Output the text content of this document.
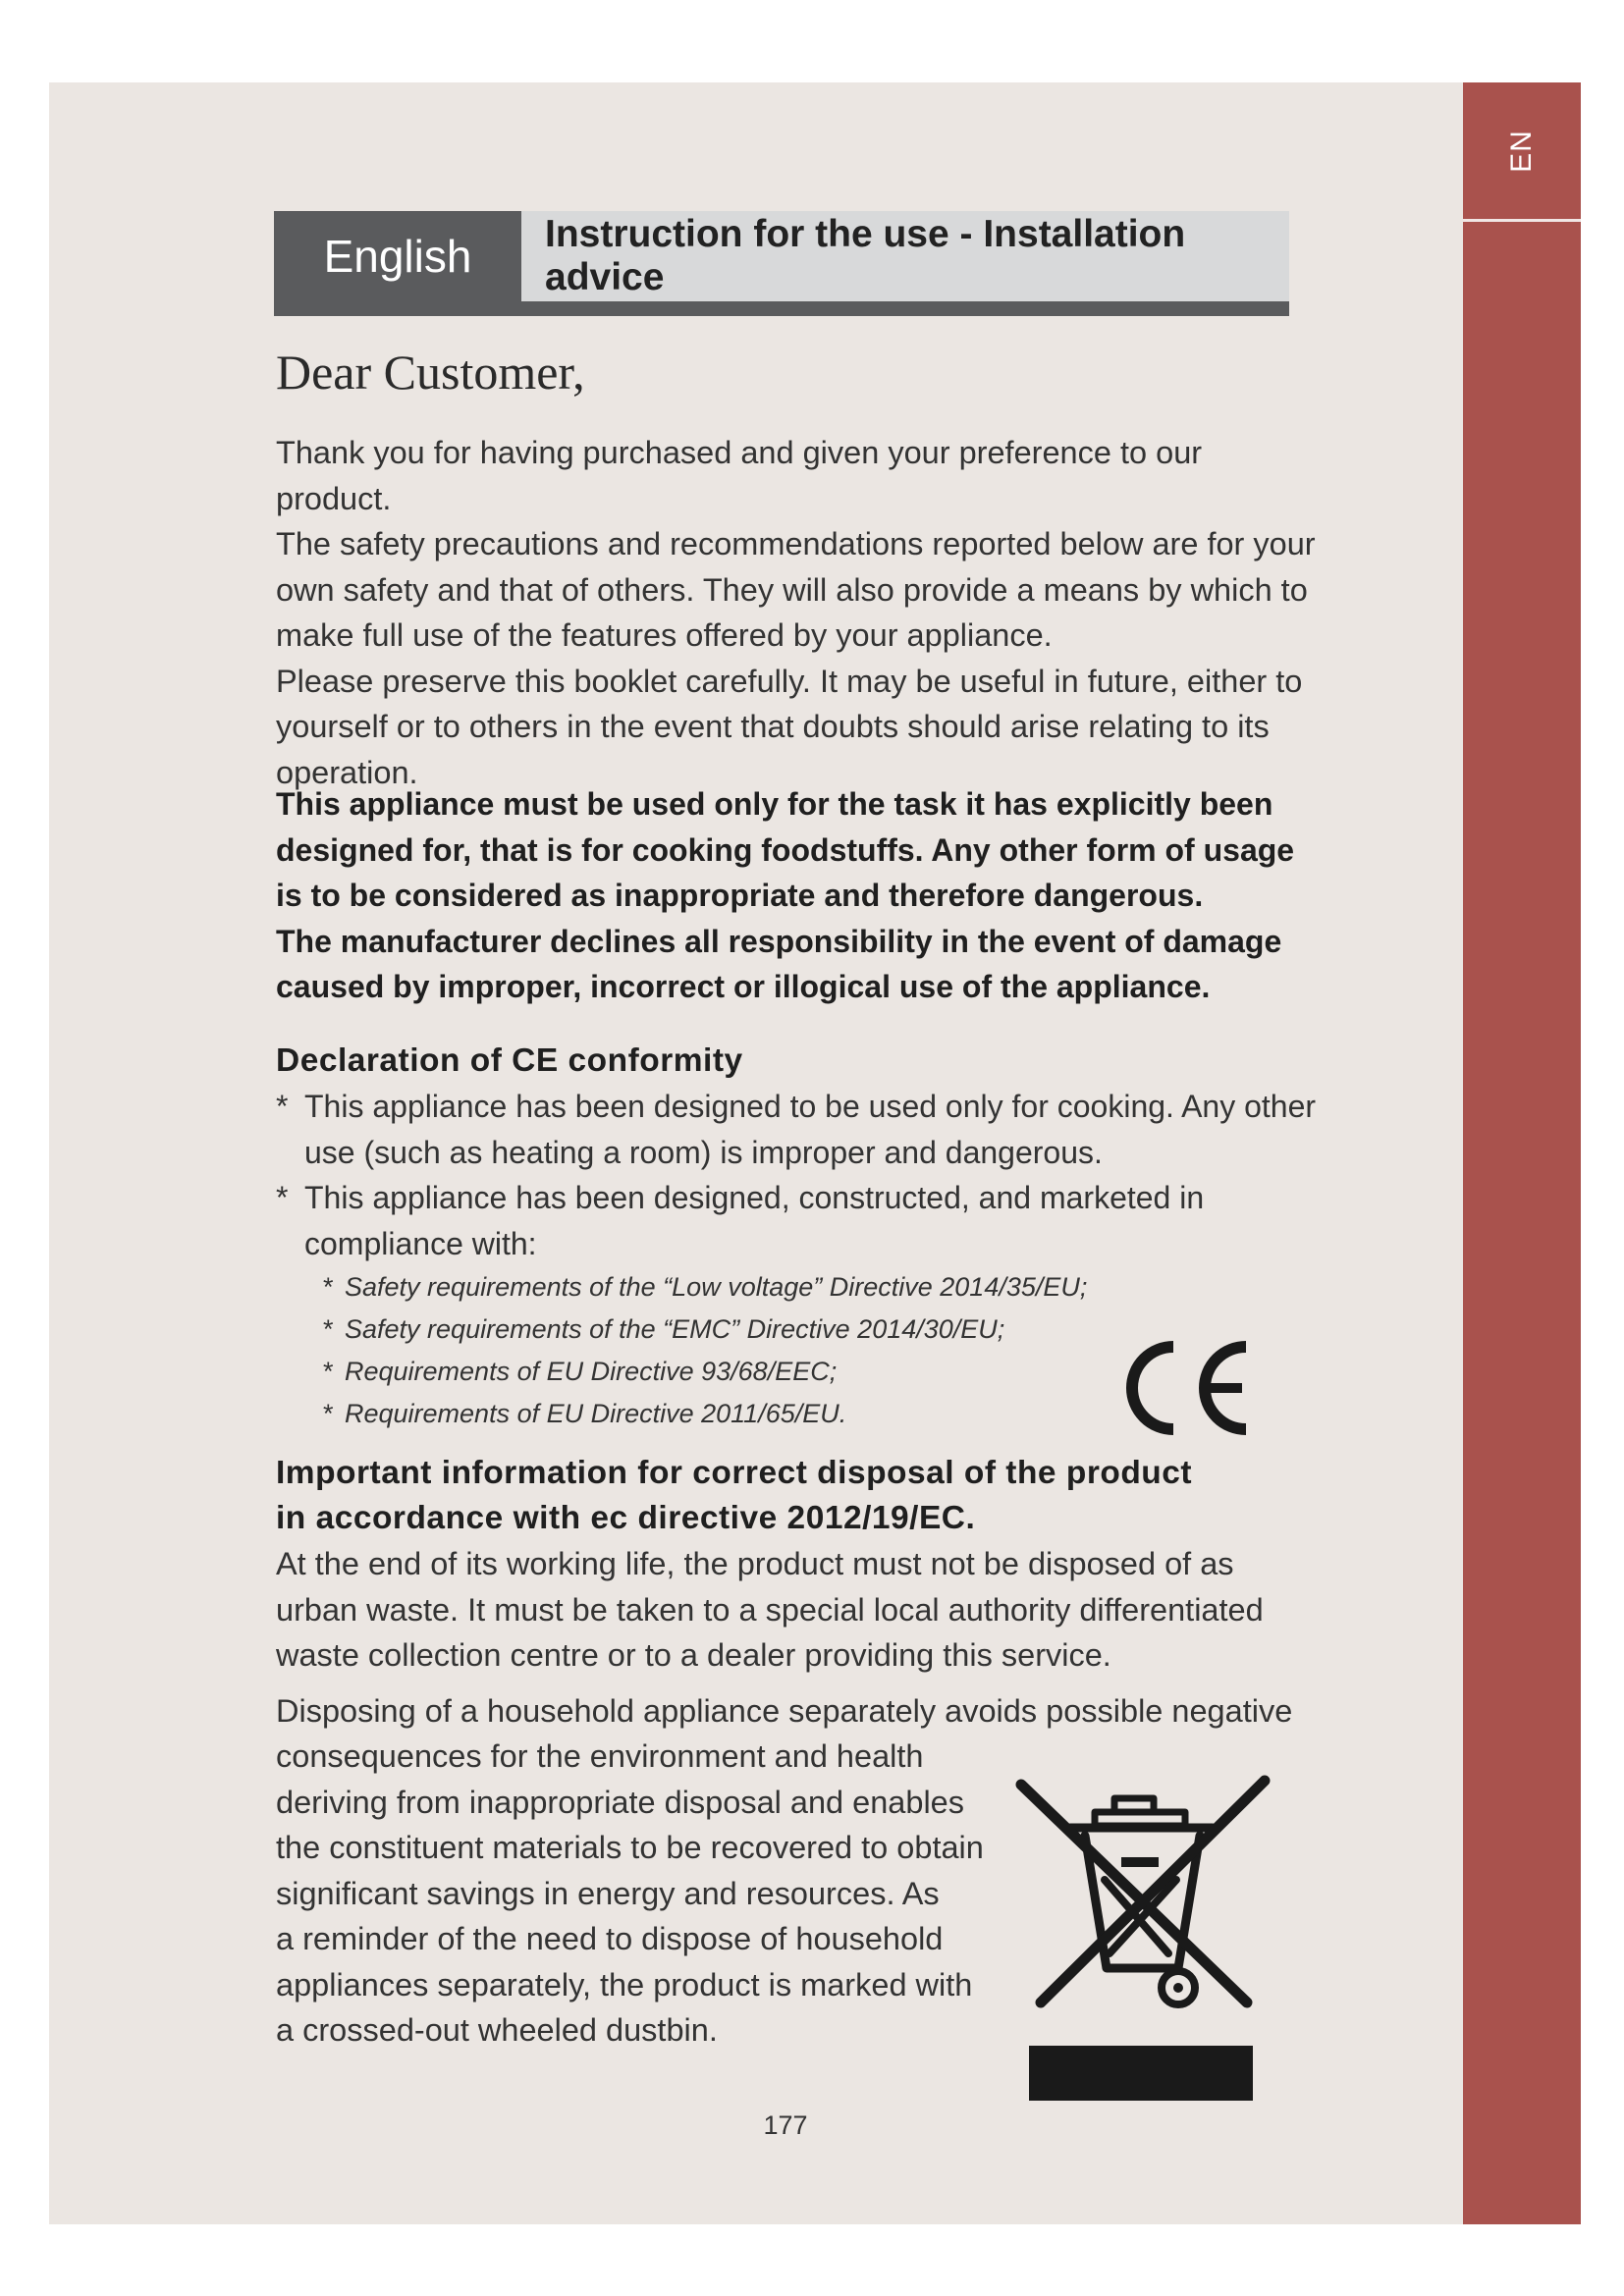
EN
English	Instruction for the use - Installation advice
Dear Customer,

Thank you for having purchased and given your preference to our product.

The safety precautions and recommendations reported below are for your

own safety and that of others. They will also provide a means by which to

make full use of the features offered by your appliance.

Please preserve this booklet carefully. It may be useful in future, either to

yourself or to others in the event that doubts should arise relating to its

operation.

This appliance must be used only for the task it has explicitly been

designed for, that is for cooking foodstuffs. Any other form of usage

is to be considered as inappropriate and therefore dangerous.

The manufacturer declines all responsibility in the event of damage

caused by improper, incorrect or illogical use of the appliance.

Declaration of CE conformity

* This appliance has been designed to be used only for cooking. Any other

use (such as heating a room) is improper and dangerous.

* This appliance has been designed, constructed, and marketed in

compliance with:

* Safety requirements of the “Low voltage” Directive 2014/35/EU;

* Safety requirements of the “EMC” Directive 2014/30/EU;

* Requirements of EU Directive 93/68/EEC;

* Requirements of EU Directive 2011/65/EU.

Important information for correct disposal of the product
in accordance with ec directive 2012/19/EC.

At the end of its working life, the product must not be disposed of as

urban waste. It must be taken to a special local authority differentiated

waste collection centre or to a dealer providing this service.

Disposing of a household appliance separately avoids possible negative

consequences for the environment and health

deriving from inappropriate disposal and enables

the constituent materials to be recovered to obtain

significant savings in energy and resources. As

a reminder of the need to dispose of household

appliances separately, the product is marked with

a crossed-out wheeled dustbin.

177
